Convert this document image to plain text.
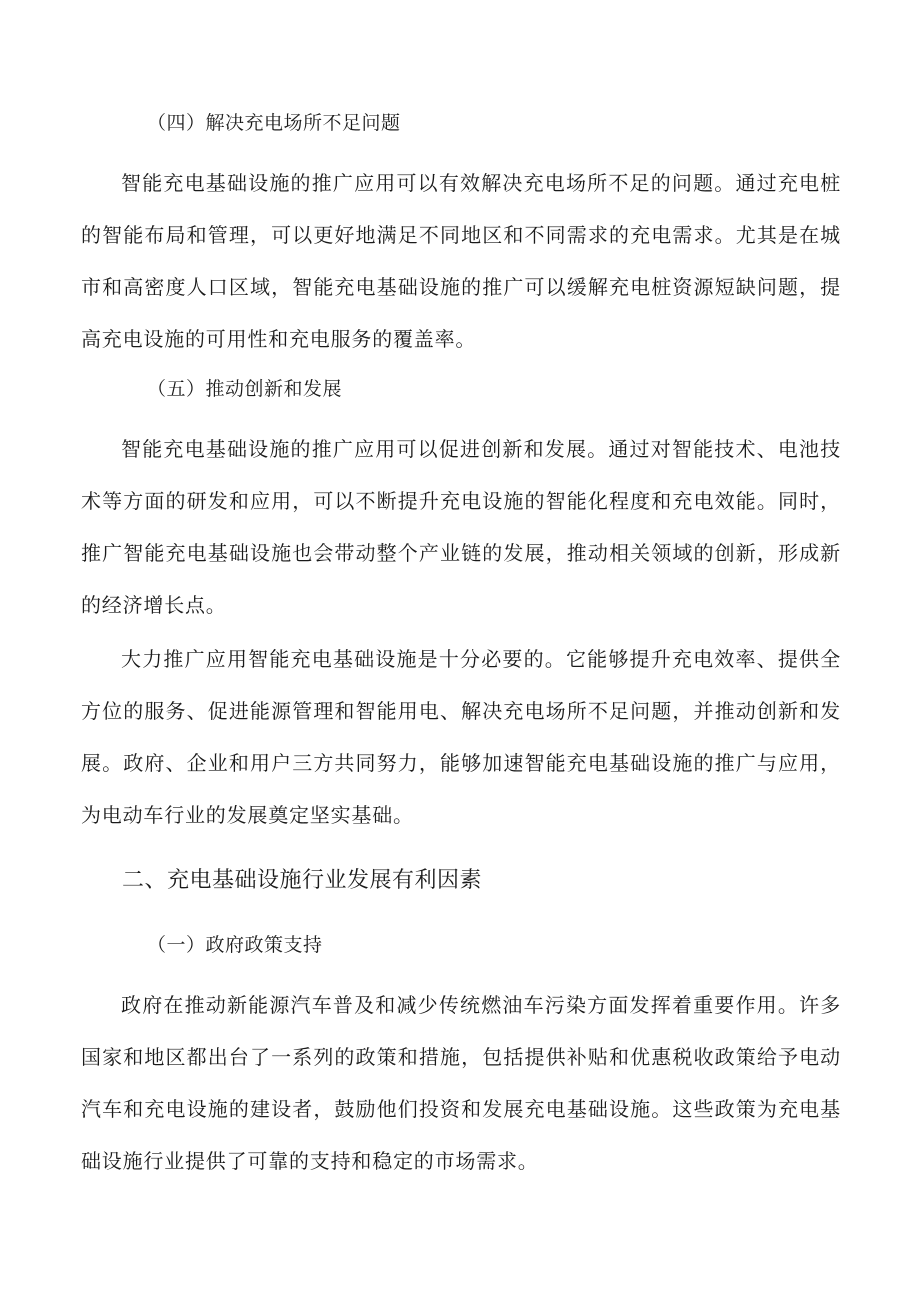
（四）解决充电场所不足问题

智能充电基础设施的推广应用可以有效解决充电场所不足的问题。通过充电桩的智能布局和管理，可以更好地满足不同地区和不同需求的充电需求。尤其是在城市和高密度人口区域，智能充电基础设施的推广可以缓解充电桩资源短缺问题，提高充电设施的可用性和充电服务的覆盖率。

（五）推动创新和发展

智能充电基础设施的推广应用可以促进创新和发展。通过对智能技术、电池技术等方面的研发和应用，可以不断提升充电设施的智能化程度和充电效能。同时，推广智能充电基础设施也会带动整个产业链的发展，推动相关领域的创新，形成新的经济增长点。

大力推广应用智能充电基础设施是十分必要的。它能够提升充电效率、提供全方位的服务、促进能源管理和智能用电、解决充电场所不足问题，并推动创新和发展。政府、企业和用户三方共同努力，能够加速智能充电基础设施的推广与应用，为电动车行业的发展奠定坚实基础。

二、充电基础设施行业发展有利因素
（一）政府政策支持

政府在推动新能源汽车普及和减少传统燃油车污染方面发挥着重要作用。许多国家和地区都出台了一系列的政策和措施，包括提供补贴和优惠税收政策给予电动汽车和充电设施的建设者，鼓励他们投资和发展充电基础设施。这些政策为充电基础设施行业提供了可靠的支持和稳定的市场需求。
